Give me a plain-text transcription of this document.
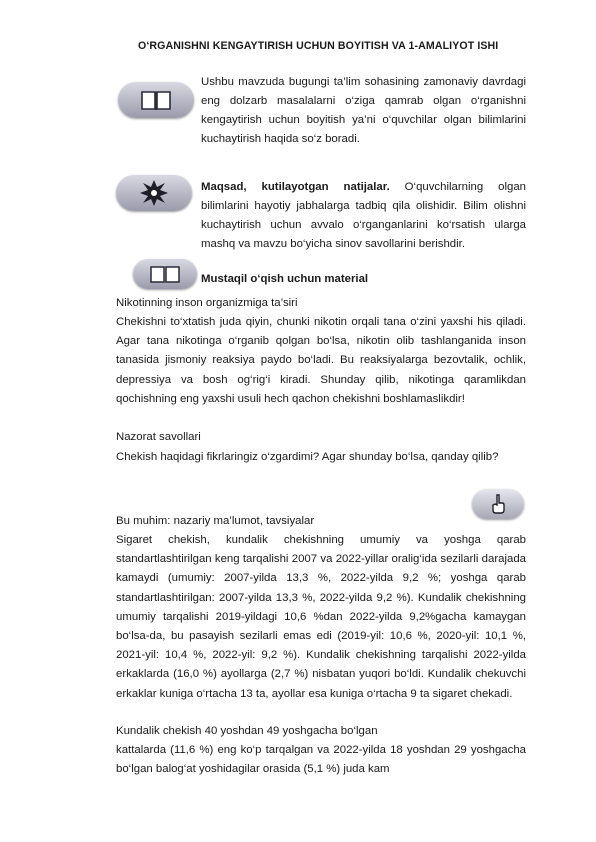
O‘RGANISHNI KENGAYTIRISH UCHUN BOYITISH VA 1-AMALIYOT ISHI
Ushbu mavzuda bugungi ta’lim sohasining zamonaviy davrdagi eng dolzarb masalalarni o‘ziga qamrab olgan o‘rganishni kengaytirish uchun boyitish ya’ni o‘quvchilar olgan bilimlarini kuchaytirish haqida so‘z boradi.
Maqsad, kutilayotgan natijalar. O‘quvchilarning olgan bilimlarini hayotiy jabhalarga tadbiq qila olishidir. Bilim olishni kuchaytirish uchun avvalo o‘rganganlarini ko‘rsatish ularga mashq va mavzu bo‘yicha sinov savollarini berishdir.
Mustaqil o‘qish uchun material
Nikotinning inson organizmiga ta’siri

Chekishni to‘xtatish juda qiyin, chunki nikotin orqali tana o‘zini yaxshi his qiladi. Agar tana nikotinga o‘rganib qolgan bo‘lsa, nikotin olib tashlanganida inson tanasida jismoniy reaksiya paydo bo‘ladi. Bu reaksiyalarga bezovtalik, ochlik, depressiya va bosh og‘rig‘i kiradi. Shunday qilib, nikotinga qaramlikdan qochishning eng yaxshi usuli hech qachon chekishni boshlamaslikdir!

Nazorat savollari

Chekish haqidagi fikrlaringiz o‘zgardimi? Agar shunday bo‘lsa, qanday qilib?

Bu muhim: nazariy ma’lumot, tavsiyalar

Sigaret chekish, kundalik chekishning umumiy va yoshga qarab standartlashtirilgan keng tarqalishi 2007 va 2022-yillar oralig‘ida sezilarli darajada kamaydi (umumiy: 2007-yilda 13,3 %, 2022-yilda 9,2 %; yoshga qarab standartlashtirilgan: 2007-yilda 13,3 %, 2022-yilda 9,2 %). Kundalik chekishning umumiy tarqalishi 2019-yildagi 10,6 %dan 2022-yilda 9,2%gacha kamaygan bo‘lsa-da, bu pasayish sezilarli emas edi (2019-yil: 10,6 %, 2020-yil: 10,1 %, 2021-yil: 10,4 %, 2022-yil: 9,2 %). Kundalik chekishning tarqalishi 2022-yilda erkaklarda (16,0 %) ayollarga (2,7 %) nisbatan yuqori bo‘ldi. Kundalik chekuvchi erkaklar kuniga o‘rtacha 13 ta, ayollar esa kuniga o‘rtacha 9 ta sigaret chekadi.

Kundalik chekish 40 yoshdan 49 yoshgacha bo‘lgan

kattalarda (11,6 %) eng ko‘p tarqalgan va 2022-yilda 18 yoshdan 29 yoshgacha bo‘lgan balog‘at yoshidagilar orasida (5,1 %) juda kam
